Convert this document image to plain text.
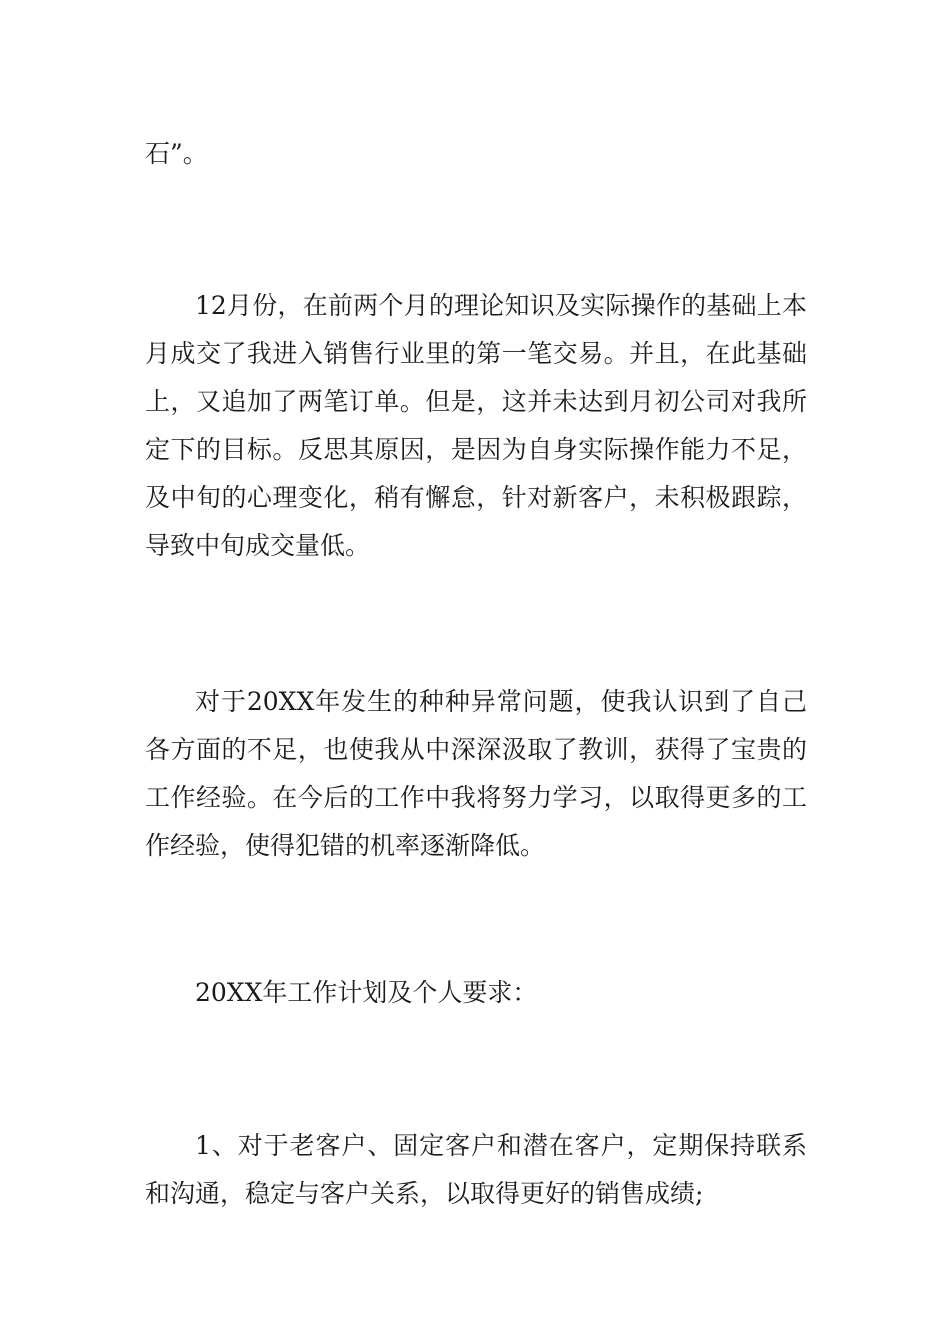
石”。

12月份，在前两个月的理论知识及实际操作的基础上本月成交了我进入销售行业里的第一笔交易。并且，在此基础上，又追加了两笔订单。但是，这并未达到月初公司对我所定下的目标。反思其原因，是因为自身实际操作能力不足，及中旬的心理变化，稍有懈怠，针对新客户，未积极跟踪，导致中旬成交量低。

对于20XX年发生的种种异常问题，使我认识到了自己各方面的不足，也使我从中深深汲取了教训，获得了宝贵的工作经验。在今后的工作中我将努力学习，以取得更多的工作经验，使得犯错的机率逐渐降低。

20XX年工作计划及个人要求：

1、对于老客户、固定客户和潜在客户，定期保持联系和沟通，稳定与客户关系，以取得更好的销售成绩;
